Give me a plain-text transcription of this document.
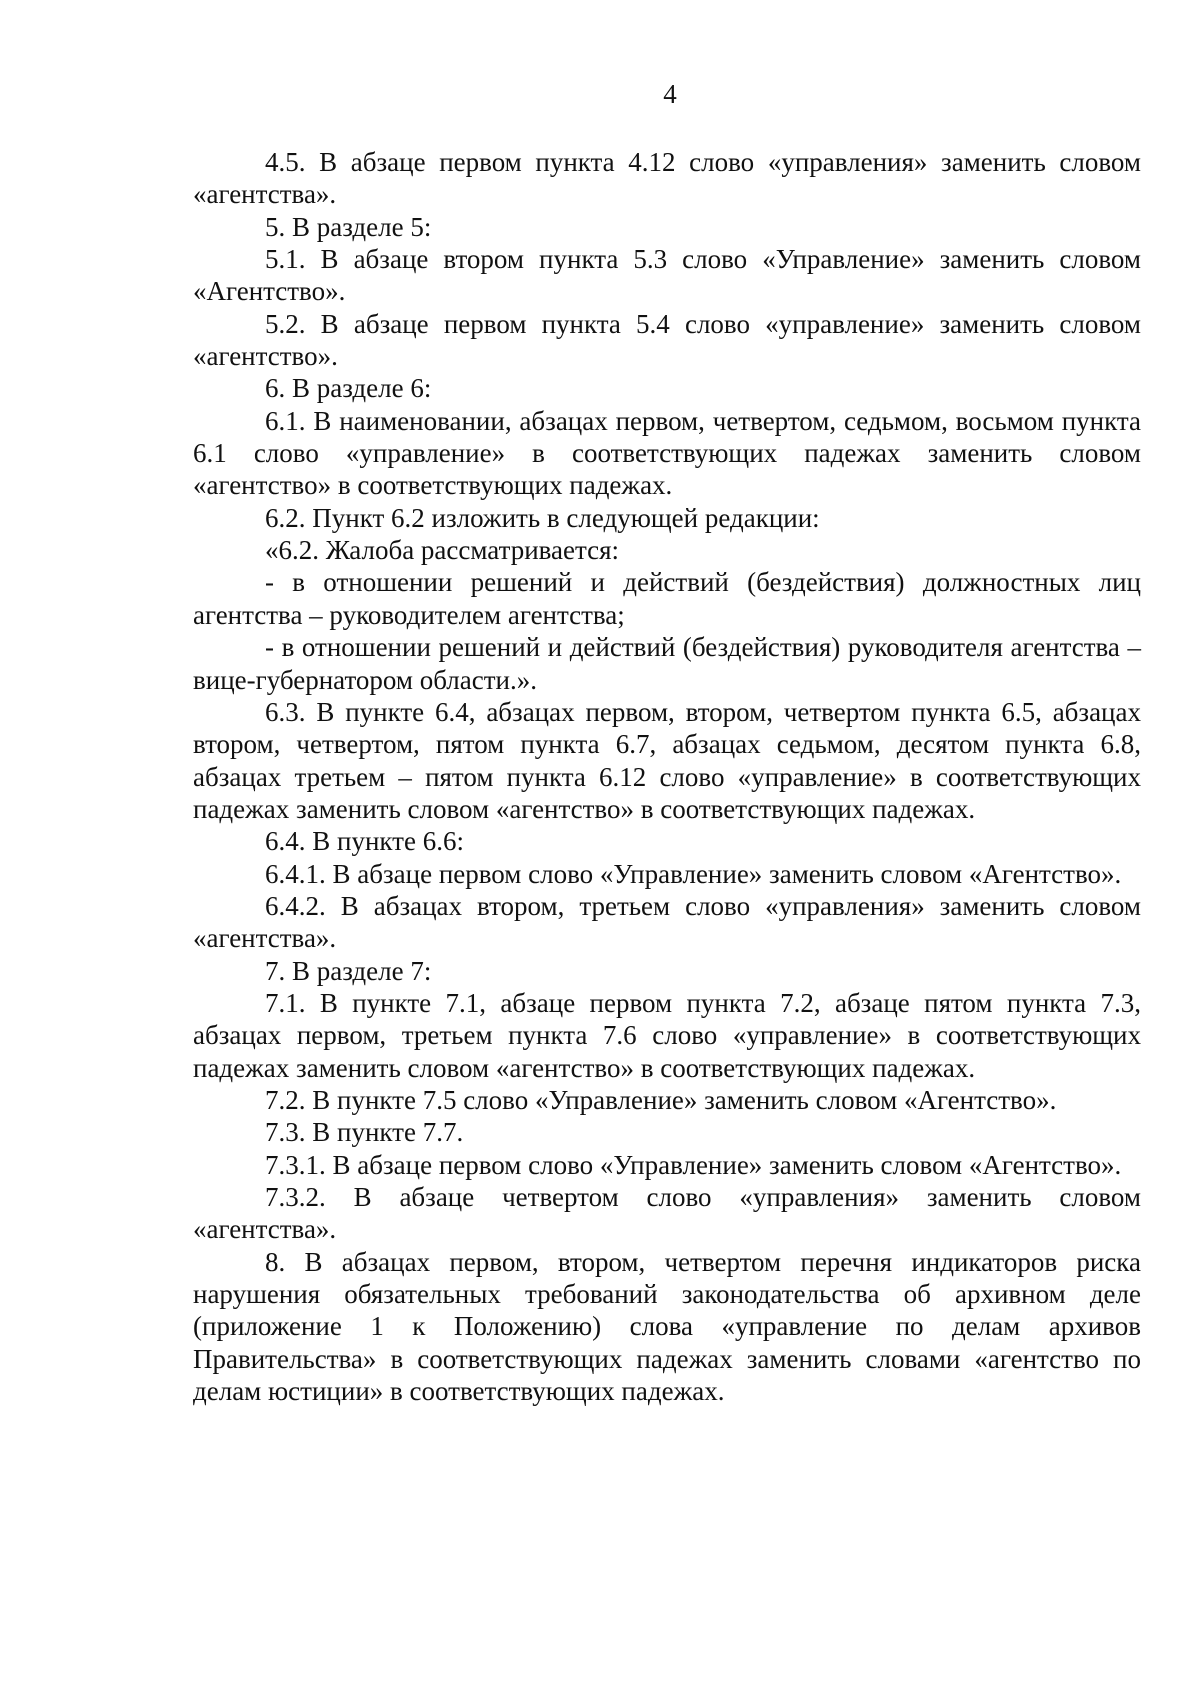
4

4.5. В абзаце первом пункта 4.12 слово «управления» заменить словом «агентства».

5. В разделе 5:

5.1. В абзаце втором пункта 5.3 слово «Управление» заменить словом «Агентство».

5.2. В абзаце первом пункта 5.4 слово «управление» заменить словом «агентство».

6. В разделе 6:

6.1. В наименовании, абзацах первом, четвертом, седьмом, восьмом пункта 6.1 слово «управление» в соответствующих падежах заменить словом «агентство» в соответствующих падежах.

6.2. Пункт 6.2 изложить в следующей редакции:

«6.2. Жалоба рассматривается:

- в отношении решений и действий (бездействия) должностных лиц агентства – руководителем агентства;

- в отношении решений и действий (бездействия) руководителя агентства – вице-губернатором области.».

6.3. В пункте 6.4, абзацах первом, втором, четвертом пункта 6.5, абзацах втором, четвертом, пятом пункта 6.7, абзацах седьмом, десятом пункта 6.8, абзацах третьем – пятом пункта 6.12 слово «управление» в соответствующих падежах заменить словом «агентство» в соответствующих падежах.

6.4. В пункте 6.6:

6.4.1. В абзаце первом слово «Управление» заменить словом «Агентство».

6.4.2. В абзацах втором, третьем слово «управления» заменить словом «агентства».

7. В разделе 7:

7.1. В пункте 7.1, абзаце первом пункта 7.2, абзаце пятом пункта 7.3, абзацах первом, третьем пункта 7.6 слово «управление» в соответствующих падежах заменить словом «агентство» в соответствующих падежах.

7.2. В пункте 7.5 слово «Управление» заменить словом «Агентство».

7.3. В пункте 7.7.

7.3.1. В абзаце первом слово «Управление» заменить словом «Агентство».

7.3.2. В абзаце четвертом слово «управления» заменить словом «агентства».

8. В абзацах первом, втором, четвертом перечня индикаторов риска нарушения обязательных требований законодательства об архивном деле (приложение 1 к Положению) слова «управление по делам архивов Правительства» в соответствующих падежах заменить словами «агентство по делам юстиции» в соответствующих падежах.
